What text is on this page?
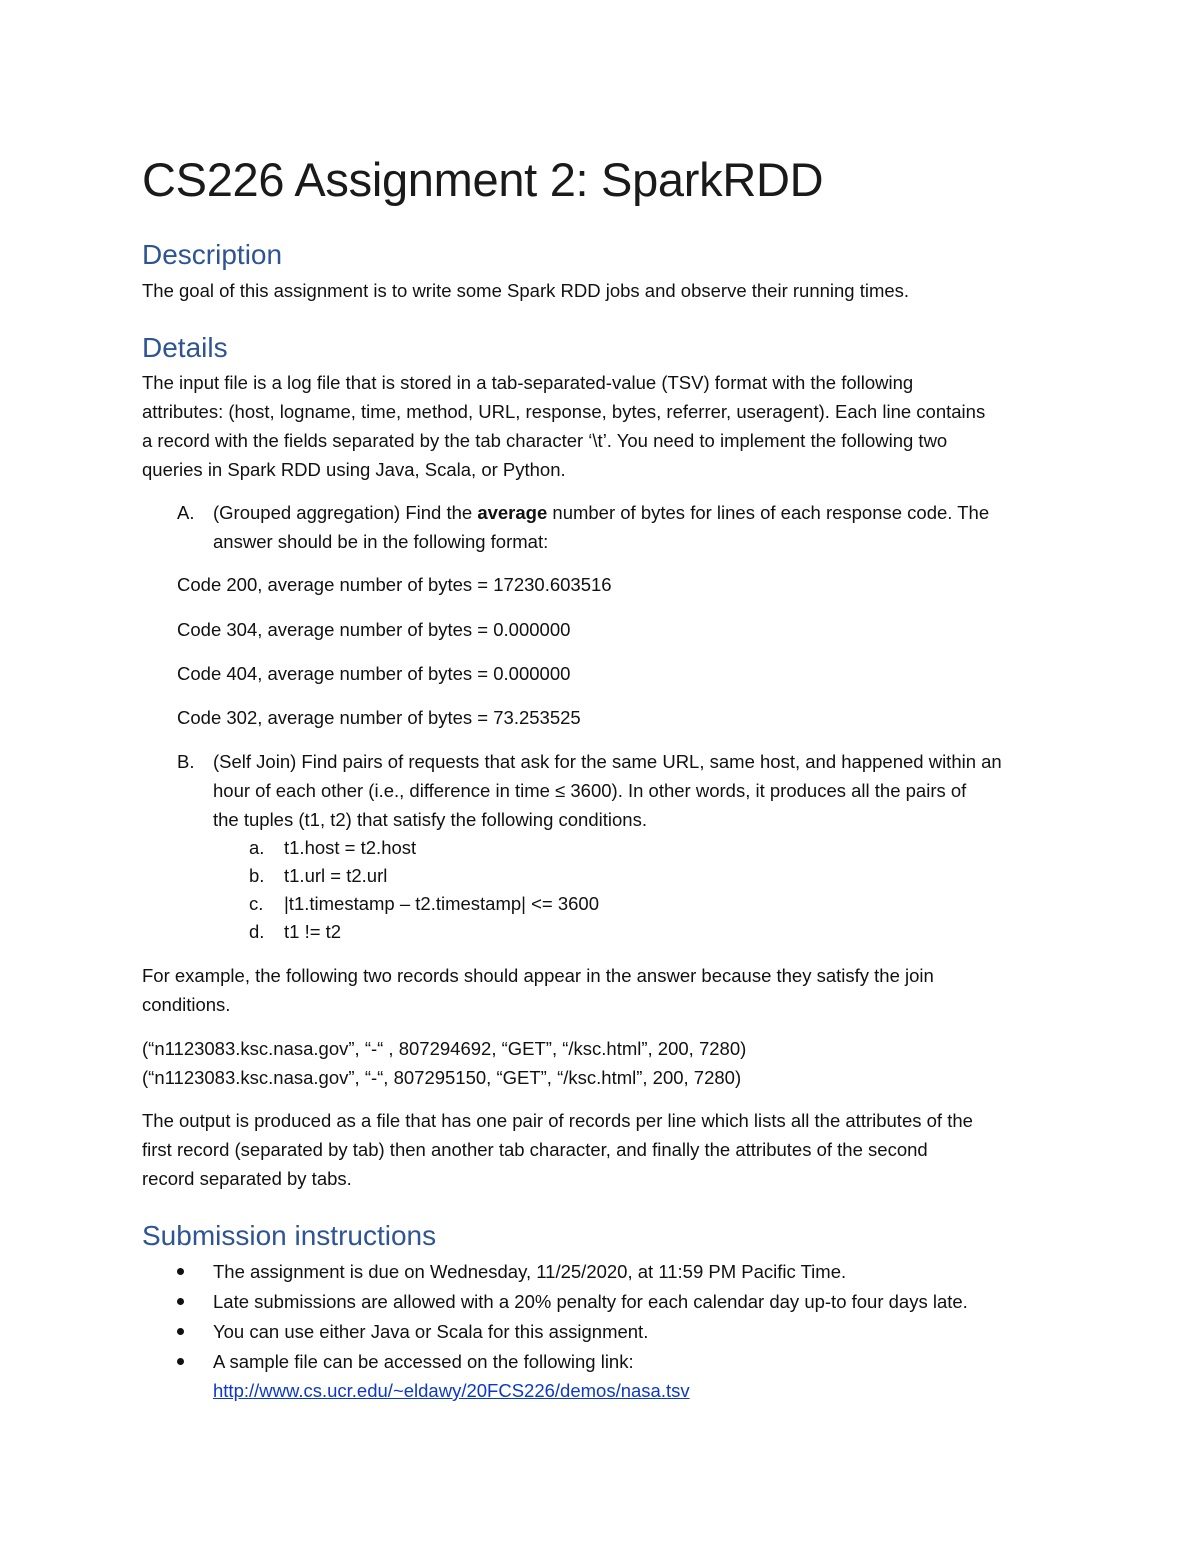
CS226 Assignment 2: SparkRDD
Description
The goal of this assignment is to write some Spark RDD jobs and observe their running times.
Details
The input file is a log file that is stored in a tab-separated-value (TSV) format with the following
attributes: (host, logname, time, method, URL, response, bytes, referrer, useragent). Each line contains
a record with the fields separated by the tab character ‘\t’. You need to implement the following two
queries in Spark RDD using Java, Scala, or Python.
A. (Grouped aggregation) Find the average number of bytes for lines of each response code. The
answer should be in the following format:
Code 200, average number of bytes = 17230.603516
Code 304, average number of bytes = 0.000000
Code 404, average number of bytes = 0.000000
Code 302, average number of bytes = 73.253525
B. (Self Join) Find pairs of requests that ask for the same URL, same host, and happened within an
hour of each other (i.e., difference in time ≤ 3600). In other words, it produces all the pairs of
the tuples (t1, t2) that satisfy the following conditions.
a. t1.host = t2.host
b. t1.url = t2.url
c. |t1.timestamp – t2.timestamp| <= 3600
d. t1 != t2
For example, the following two records should appear in the answer because they satisfy the join
conditions.
(“n1123083.ksc.nasa.gov”, “-“ , 807294692, “GET”, “/ksc.html”, 200, 7280)
(“n1123083.ksc.nasa.gov”, “-“, 807295150, “GET”, “/ksc.html”, 200, 7280)
The output is produced as a file that has one pair of records per line which lists all the attributes of the
first record (separated by tab) then another tab character, and finally the attributes of the second
record separated by tabs.
Submission instructions
The assignment is due on Wednesday, 11/25/2020, at 11:59 PM Pacific Time.
Late submissions are allowed with a 20% penalty for each calendar day up-to four days late.
You can use either Java or Scala for this assignment.
A sample file can be accessed on the following link:
http://www.cs.ucr.edu/~eldawy/20FCS226/demos/nasa.tsv
